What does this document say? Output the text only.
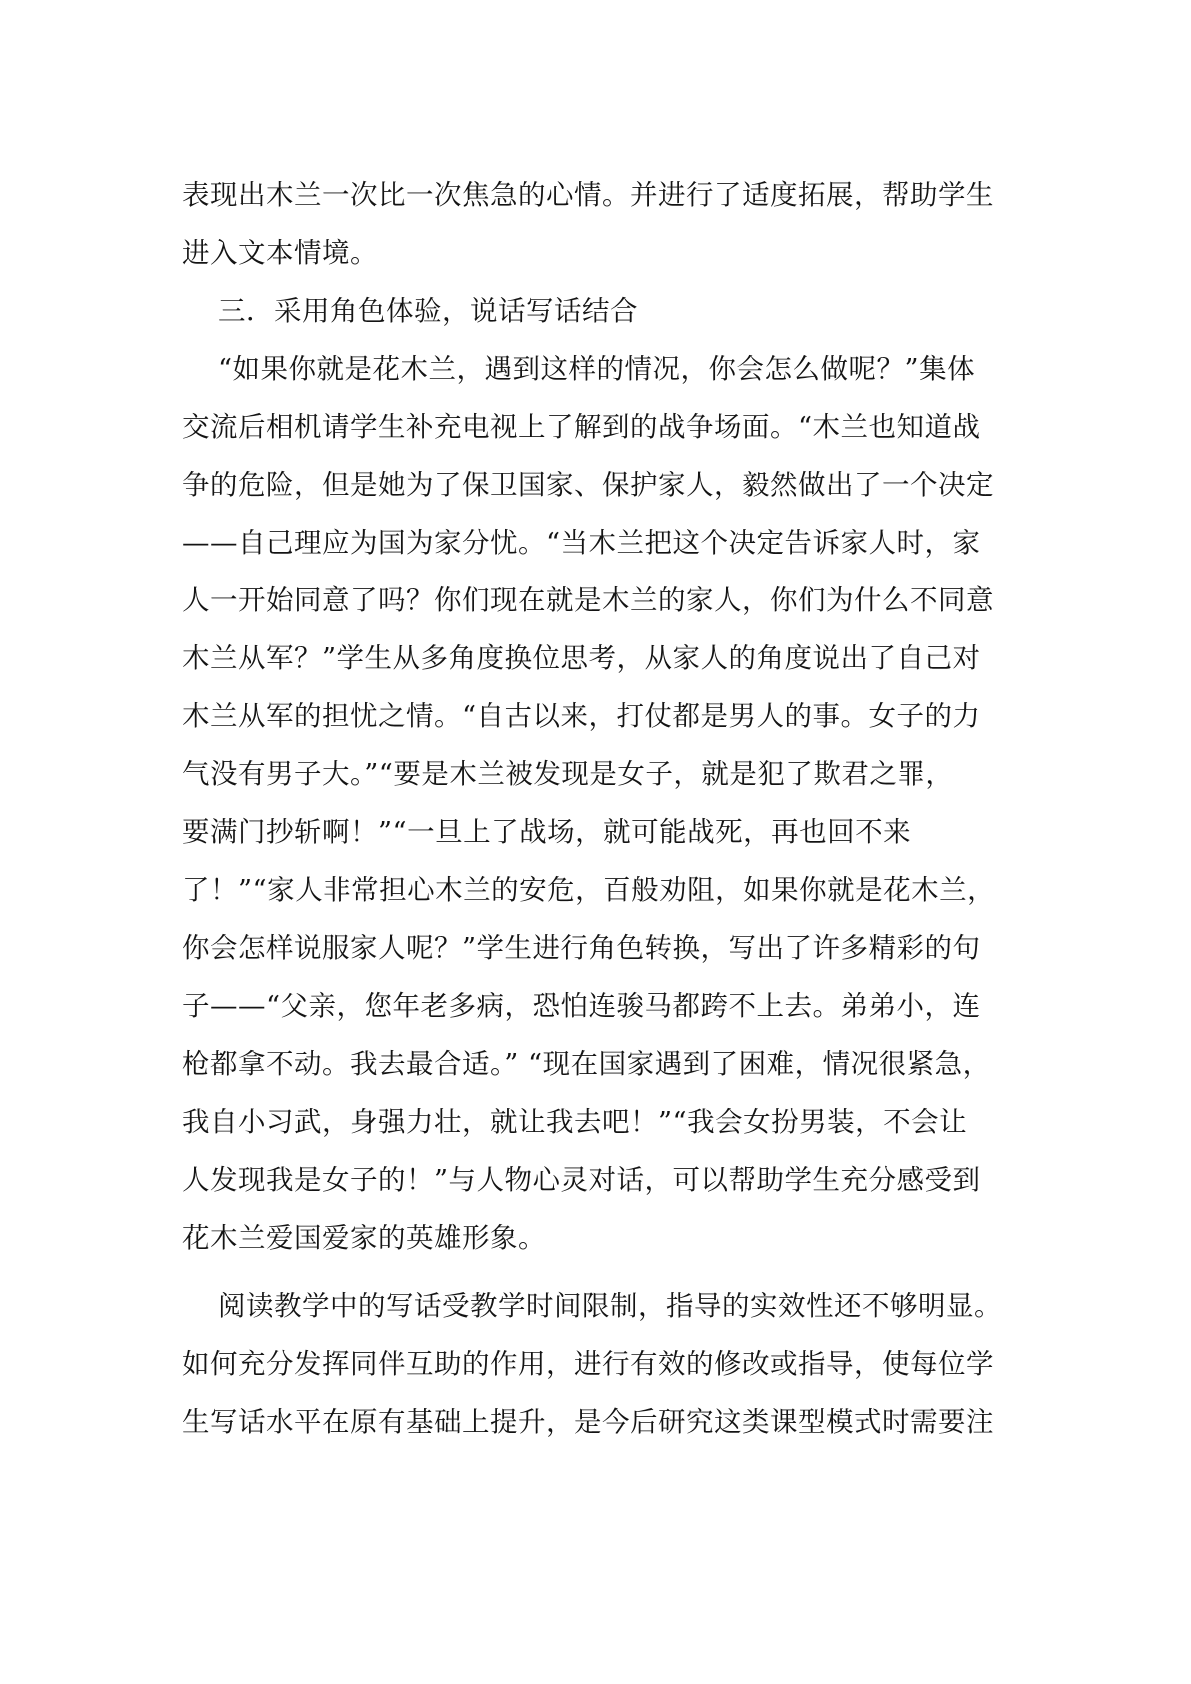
表现出木兰一次比一次焦急的心情。并进行了适度拓展，帮助学生
进入文本情境。
三．采用角色体验，说话写话结合
“如果你就是花木兰，遇到这样的情况，你会怎么做呢？”集体
交流后相机请学生补充电视上了解到的战争场面。“木兰也知道战
争的危险，但是她为了保卫国家、保护家人，毅然做出了一个决定
——自己理应为国为家分忧。“当木兰把这个决定告诉家人时，家
人一开始同意了吗？你们现在就是木兰的家人，你们为什么不同意
木兰从军？”学生从多角度换位思考，从家人的角度说出了自己对
木兰从军的担忧之情。“自古以来，打仗都是男人的事。女子的力
气没有男子大。”“要是木兰被发现是女子，就是犯了欺君之罪，
要满门抄斩啊！”“一旦上了战场，就可能战死，再也回不来
了！”“家人非常担心木兰的安危，百般劝阻，如果你就是花木兰，
你会怎样说服家人呢？”学生进行角色转换，写出了许多精彩的句
子——“父亲，您年老多病，恐怕连骏马都跨不上去。弟弟小，连
枪都拿不动。我去最合适。” “现在国家遇到了困难，情况很紧急，
我自小习武，身强力壮，就让我去吧！”“我会女扮男装，不会让
人发现我是女子的！”与人物心灵对话，可以帮助学生充分感受到
花木兰爱国爱家的英雄形象。
阅读教学中的写话受教学时间限制，指导的实效性还不够明显。
如何充分发挥同伴互助的作用，进行有效的修改或指导，使每位学
生写话水平在原有基础上提升，是今后研究这类课型模式时需要注
